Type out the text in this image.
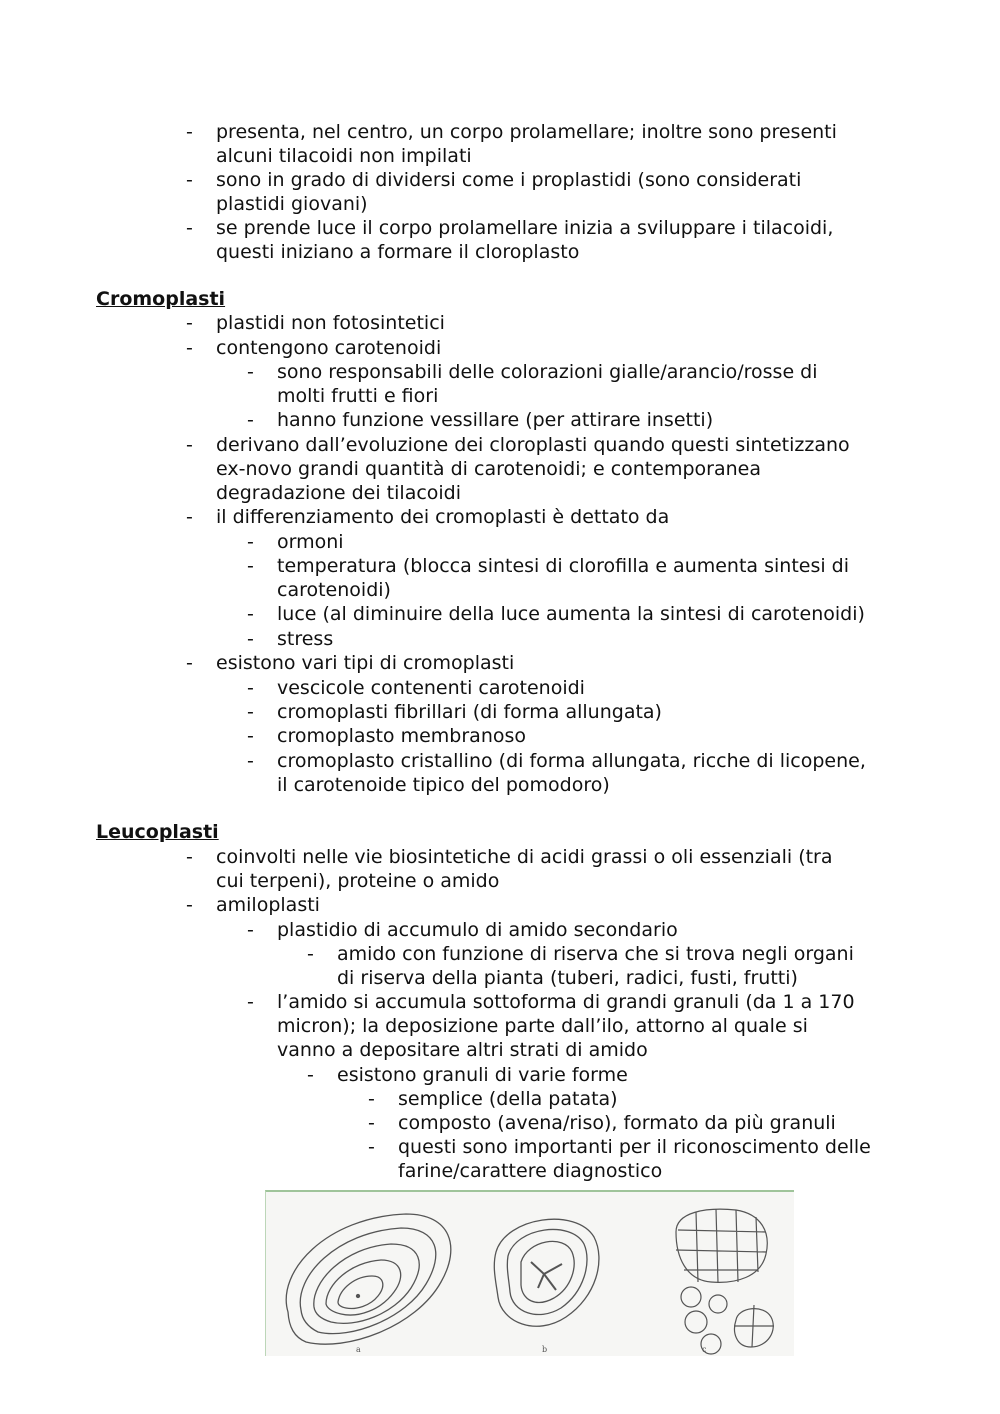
- presenta, nel centro, un corpo prolamellare; inoltre sono presenti
alcuni tilacoidi non impilati
- sono in grado di dividersi come i proplastidi (sono considerati
plastidi giovani)
- se prende luce il corpo prolamellare inizia a sviluppare i tilacoidi,
questi iniziano a formare il cloroplasto
Cromoplasti
- plastidi non fotosintetici
- contengono carotenoidi
- sono responsabili delle colorazioni gialle/arancio/rosse di
molti frutti e fiori
- hanno funzione vessillare (per attirare insetti)
- derivano dall’evoluzione dei cloroplasti quando questi sintetizzano
ex-novo grandi quantità di carotenoidi; e contemporanea
degradazione dei tilacoidi
- il differenziamento dei cromoplasti è dettato da
- ormoni
- temperatura (blocca sintesi di clorofilla e aumenta sintesi di
carotenoidi)
- luce (al diminuire della luce aumenta la sintesi di carotenoidi)
- stress
- esistono vari tipi di cromoplasti
- vescicole contenenti carotenoidi
- cromoplasti fibrillari (di forma allungata)
- cromoplasto membranoso
- cromoplasto cristallino (di forma allungata, ricche di licopene,
il carotenoide tipico del pomodoro)
Leucoplasti
- coinvolti nelle vie biosintetiche di acidi grassi o oli essenziali (tra
cui terpeni), proteine o amido
- amiloplasti
- plastidio di accumulo di amido secondario
- amido con funzione di riserva che si trova negli organi
di riserva della pianta (tuberi, radici, fusti, frutti)
- l’amido si accumula sottoforma di grandi granuli (da 1 a 170
micron); la deposizione parte dall’ilo, attorno al quale si
vanno a depositare altri strati di amido
- esistono granuli di varie forme
- semplice (della patata)
- composto (avena/riso), formato da più granuli
- questi sono importanti per il riconoscimento delle
farine/carattere diagnostico
a	b	c
